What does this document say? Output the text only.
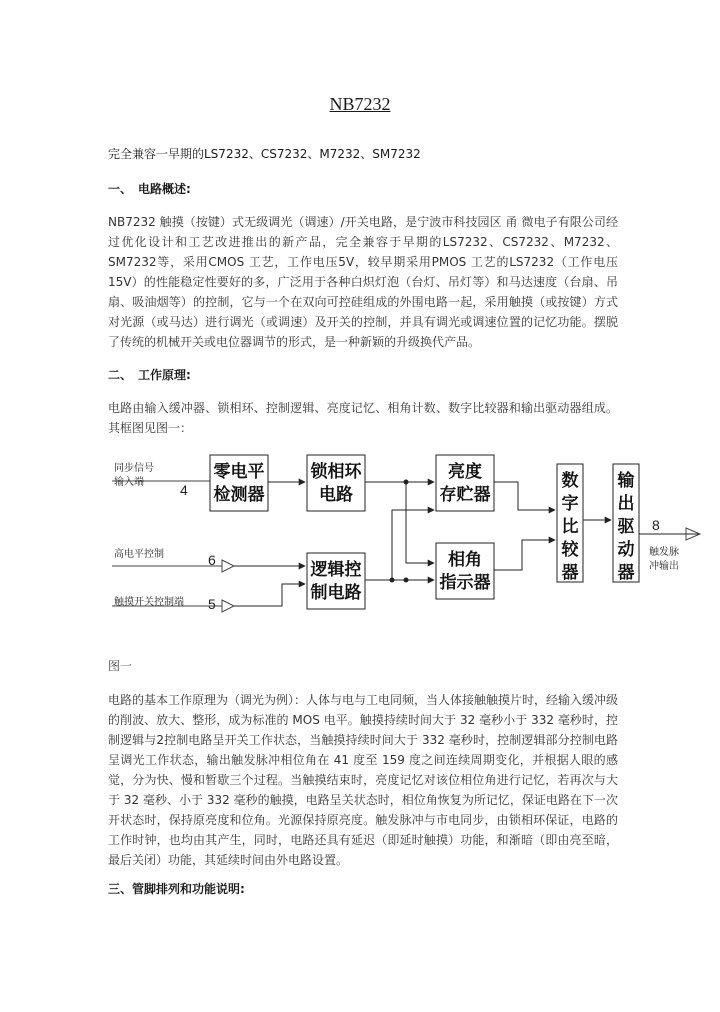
NB7232
完全兼容一早期的LS7232、CS7232、M7232、SM7232
一、　电路概述:
NB7232 触摸（按键）式无级调光（调速）/开关电路，是宁波市科技园区 甬 微电子有限公司经过优化设计和工艺改进推出的新产品，完全兼容于早期的LS7232、CS7232、M7232、SM7232等，采用CMOS 工艺，工作电压5V，较早期采用PMOS 工艺的LS7232（工作电压15V）的性能稳定性要好的多，广泛用于各种白炽灯泡（台灯、吊灯等）和马达速度（台扇、吊扇、吸油烟等）的控制，它与一个在双向可控硅组成的外围电路一起，采用触摸（或按键）方式对光源（或马达）进行调光（或调速）及开关的控制，并具有调光或调速位置的记忆功能。摆脱了传统的机械开关或电位器调节的形式，是一种新颖的升级换代产品。
二、　工作原理:
电路由输入缓冲器、锁相环、控制逻辑、亮度记忆、相角计数、数字比较器和输出驱动器组成。其框图见图一：
同步信号
输入端	4
高电平控制	6
触摸开关控制端 5
零电平
检测器
锁相环
电路
逻辑控
制电路
亮度
存贮器
相角
指示器
数
字
比
较
器
输
出
驱
动
器
8
触发脉
冲输出
图一
电路的基本工作原理为（调光为例）：人体与电与工电同频，当人体接触触摸片时，经输入缓冲级的削波、放大、整形，成为标准的 MOS 电平。触摸持续时间大于 32 毫秒小于 332 毫秒时，控制逻辑与2控制电路呈开关工作状态，当触摸持续时间大于 332 毫秒时，控制逻辑部分控制电路呈调光工作状态，输出触发脉冲相位角在 41 度至 159 度之间连续周期变化，并根据人眼的感觉，分为快、慢和暂歇三个过程。当触摸结束时，亮度记忆对该位相位角进行记忆，若再次与大于 32 毫秒、小于 332 毫秒的触摸，电路呈关状态时，相位角恢复为所记忆，保证电路在下一次开状态时，保持原亮度和位角。光源保持原亮度。触发脉冲与市电同步，由锁相环保证，电路的工作时钟，也均由其产生，同时，电路还具有延迟（即延时触摸）功能，和渐暗（即由亮至暗，最后关闭）功能，其延续时间由外电路设置。
三、管脚排列和功能说明:
